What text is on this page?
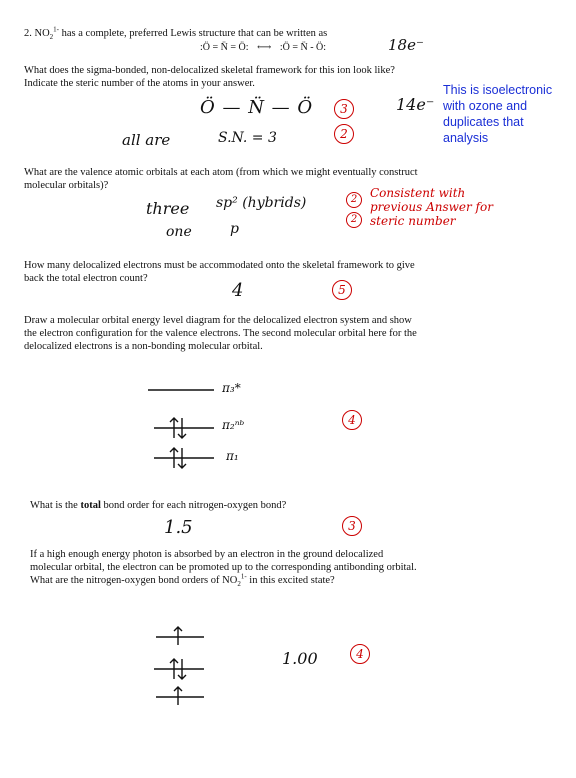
2. $NO_2^{1-}$ has a complete, preferred Lewis structure that can be written as
:Ö = N̈ = Ö: ⟷ :Ö = N̈ - Ö:	18e⁻
What does the sigma-bonded, non-delocalized skeletal framework for this ion look like?
Indicate the steric number of the atoms in your answer.
Ö — N̈ — Ö	14e⁻
all are	S.N. = 3
3
2
This is isoelectronic with ozone and duplicates that analysis
What are the valence atomic orbitals at each atom (from which we might eventually construct
molecular orbitals)?
three sp² (hybrids)
one	p
2
2
Consistent with previous Answer for steric number
How many delocalized electrons must be accommodated onto the skeletal framework to give
back the total electron count?
4	5
Draw a molecular orbital energy level diagram for the delocalized electron system and show
the electron configuration for the valence electrons. The second molecular orbital here for the
delocalized electrons is a non-bonding molecular orbital.
π₃*
π₂ⁿᵇ
π₁
4
What is the total bond order for each nitrogen-oxygen bond?
1.5	3
If a high enough energy photon is absorbed by an electron in the ground delocalized
molecular orbital, the electron can be promoted up to the corresponding antibonding orbital.
What are the nitrogen-oxygen bond orders of $NO_2^{1-}$ in this excited state?
1.00	4
